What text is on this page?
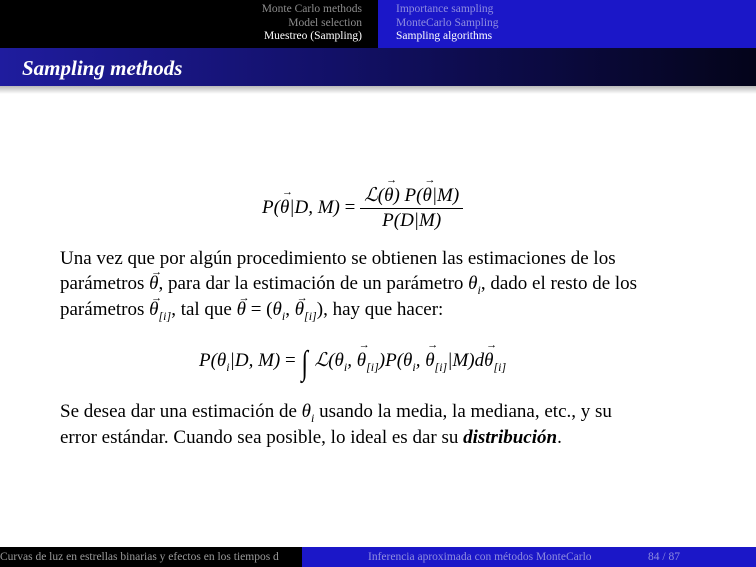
Monte Carlo methods
Model selection
Muestreo (Sampling)
Importance sampling
MonteCarlo Sampling
Sampling algorithms
Sampling methods
P(→ θ|D, $M) = \frac{\text{ℒ(→ θ) P(→ θ|M)}}{P(D|M)}$
Una vez que por algún procedimiento se obtienen las estimaciones de los
parámetros → θ, para dar la estimación de un parámetro $\theta_i$, dado el resto de los
parámetros → $\theta_{[i]}$, tal que → $\theta = (\theta_i$, → $\theta_{[i]}$), hay que hacer:
$P(\theta_i|D$, M) = ∫ $ℒ(\theta_i$, → $\theta_{[i]})P(\theta_i$, → $\theta_{[i]}|M)d\to \theta_{[i]}$
Se desea dar una estimación de $\theta_i$ usando la media, la mediana, etc., y su
error estándar. Cuando sea posible, lo ideal es dar su distribución.
Curvas de luz en estrellas binarias y efectos en los tiempos d	Inferencia aproximada con métodos MonteCarlo	84 / 87
